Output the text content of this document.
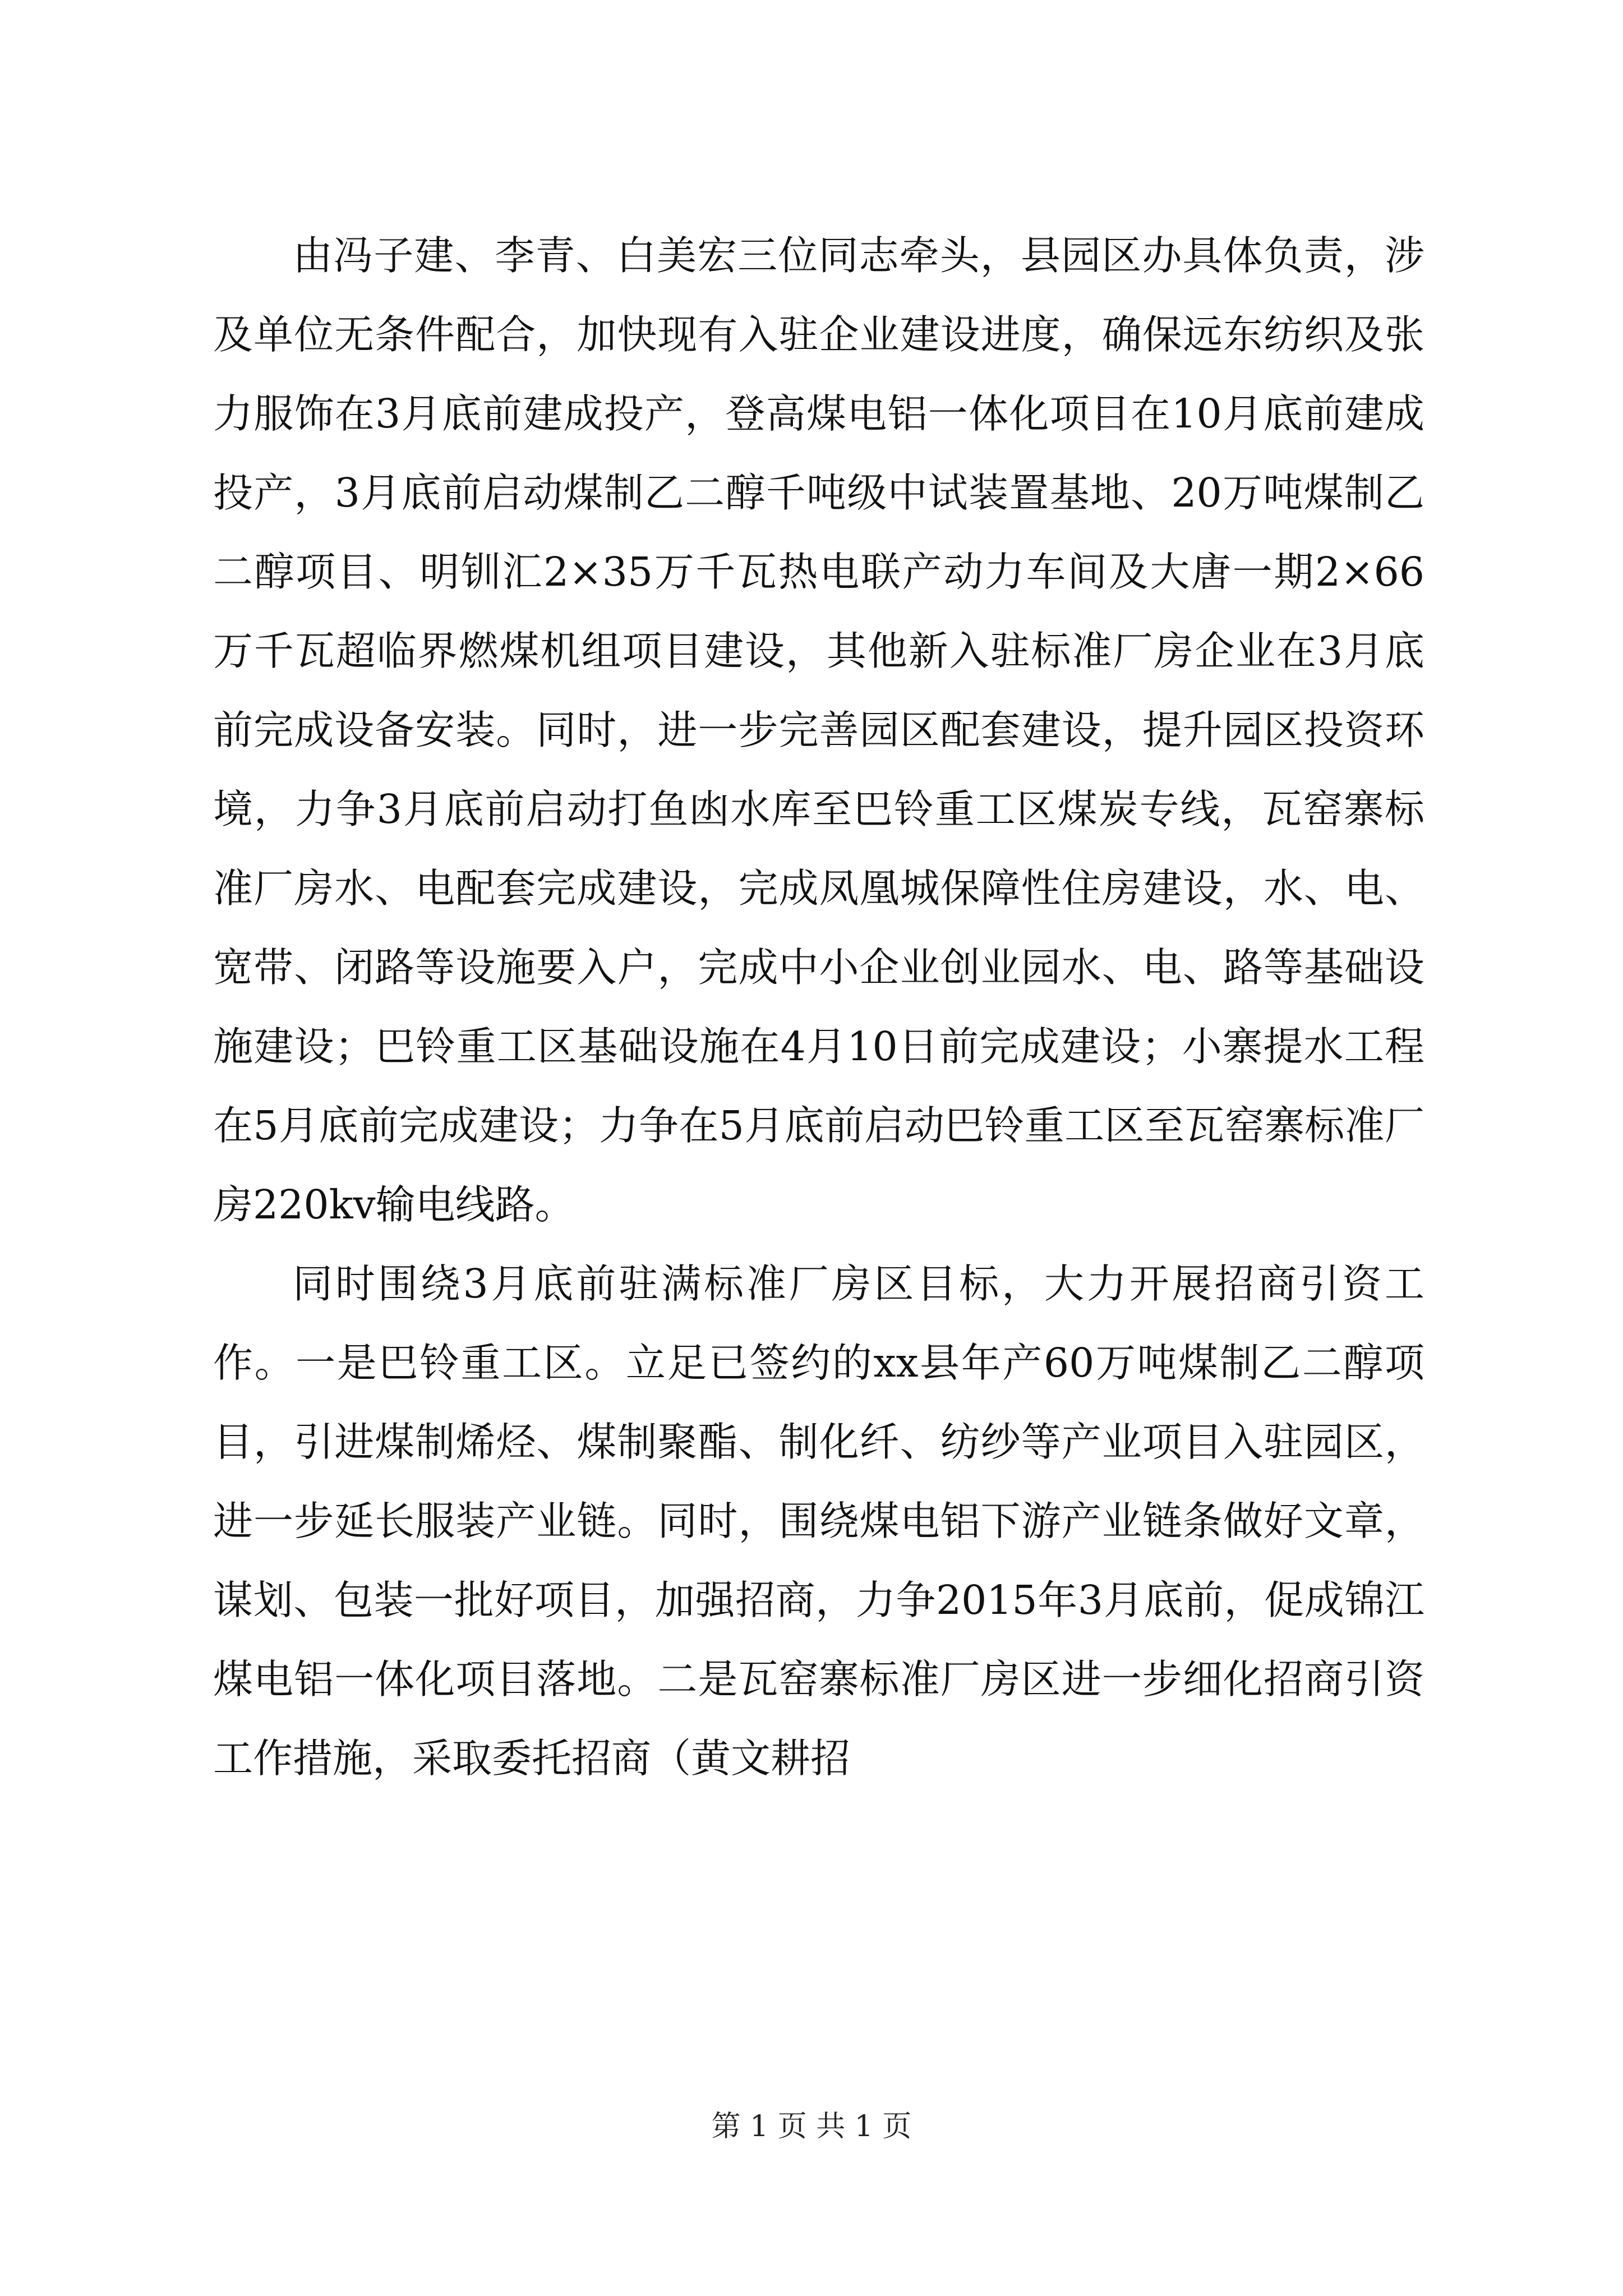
由冯子建、李青、白美宏三位同志牵头，县园区办具体负责，涉及单位无条件配合，加快现有入驻企业建设进度，确保远东纺织及张力服饰在3月底前建成投产，登高煤电铝一体化项目在10月底前建成投产，3月底前启动煤制乙二醇千吨级中试装置基地、20万吨煤制乙二醇项目、明钏汇2×35万千瓦热电联产动力车间及大唐一期2×66万千瓦超临界燃煤机组项目建设，其他新入驻标准厂房企业在3月底前完成设备安装。同时，进一步完善园区配套建设，提升园区投资环境，力争3月底前启动打鱼凼水库至巴铃重工区煤炭专线，瓦窑寨标准厂房水、电配套完成建设，完成凤凰城保障性住房建设，水、电、宽带、闭路等设施要入户，完成中小企业创业园水、电、路等基础设施建设；巴铃重工区基础设施在4月10日前完成建设；小寨提水工程在5月底前完成建设；力争在5月底前启动巴铃重工区至瓦窑寨标准厂房220kv输电线路。

同时围绕3月底前驻满标准厂房区目标，大力开展招商引资工作。一是巴铃重工区。立足已签约的xx县年产60万吨煤制乙二醇项目，引进煤制烯烃、煤制聚酯、制化纤、纺纱等产业项目入驻园区，进一步延长服装产业链。同时，围绕煤电铝下游产业链条做好文章，谋划、包装一批好项目，加强招商，力争2015年3月底前，促成锦江煤电铝一体化项目落地。二是瓦窑寨标准厂房区进一步细化招商引资工作措施，采取委托招商（黄文耕招

第 1 页 共 1 页
